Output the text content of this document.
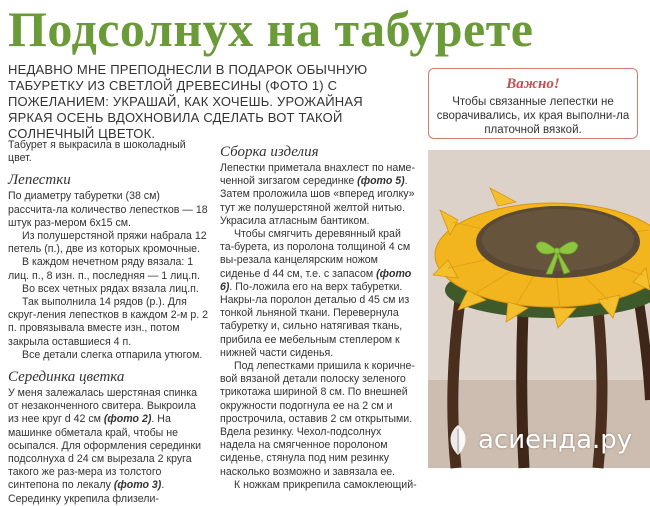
Подсолнух на табурете
НЕДАВНО МНЕ ПРЕПОДНЕСЛИ В ПОДАРОК ОБЫЧНУЮ ТАБУРЕТКУ ИЗ СВЕТЛОЙ ДРЕВЕСИНЫ (ФОТО 1) С ПОЖЕЛАНИЕМ: УКРАШАЙ, КАК ХОЧЕШЬ. УРОЖАЙНАЯ ЯРКАЯ ОСЕНЬ ВДОХНОВИЛА СДЕЛАТЬ ВОТ ТАКОЙ СОЛНЕЧНЫЙ ЦВЕТОК.
Важно!
Чтобы связанные лепестки не сворачивались, их края выполни-ла платочной вязкой.

Табурет я выкрасила в шоколадный цвет.

Лепестки

По диаметру табуретки (38 см) рассчита-ла количество лепестков — 18 штук раз-мером 6х15 см.

Из полушерстяной пряжи набрала 12 петель (п.), две из которых кромочные.

В каждом нечетном ряду вязала: 1 лиц. п., 8 изн. п., последняя — 1 лиц.п.

Во всех четных рядах вязала лиц.п.

Так выполнила 14 рядов (р.). Для скруг-ления лепестков в каждом 2-м р. 2 п. провязывала вместе изн., потом закрыла оставшиеся 4 п.

Все детали слегка отпарила утюгом.

Серединка цветка

У меня залежалась шерстяная спинка от незаконченного свитера. Выкроила из нее круг d 42 см (фото 2). На машинке обметала край, чтобы не осыпался. Для оформления серединки подсолнуха d 24 см вырезала 2 круга такого же раз-мера из толстого синтепона по лекалу (фото 3). Серединку укрепила флизели-

Сборка изделия

Лепестки приметала внахлест по наме-ченной зигзагом серединке (фото 5). Затем проложила шов «вперед иголку» тут же полушерстяной желтой нитью. Украсила атласным бантиком.

Чтобы смягчить деревянный край та-бурета, из поролона толщиной 4 см вы-резала канцелярским ножом сиденье d 44 см, т.е. с запасом (фото 6). По-ложила его на верх табуретки. Накры-ла поролон деталью d 45 см из тонкой льняной ткани. Перевернула табуретку и, сильно натягивая ткань, прибила ее мебельным степлером к нижней части сиденья.

Под лепестками пришила к коричне-вой вязаной детали полоску зеленого трикотажа шириной 8 см. По внешней окружности подогнула ее на 2 см и прострочила, оставив 2 см открытыми. Вдела резинку. Чехол-подсолнух надела на смягченное поролоном сиденье, стянула под ним резинку насколько возможно и завязала ее.

К ножкам прикрепила самоклеющий-

асиенда.ру
